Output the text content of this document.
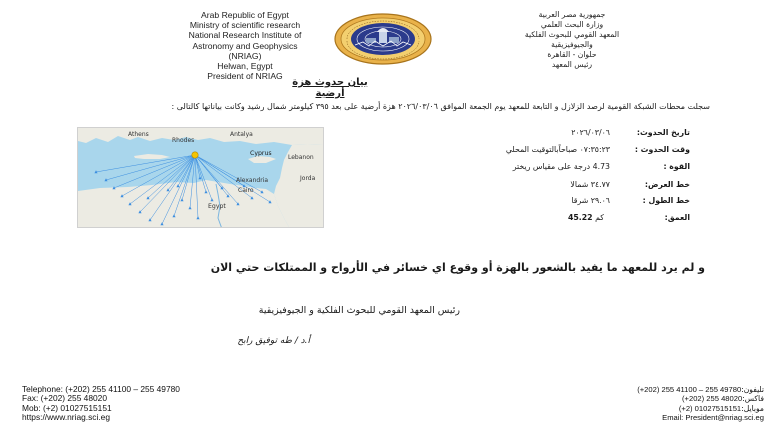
Arab Republic of Egypt
Ministry of scientific research
National Research Institute of
Astronomy and Geophysics
(NRIAG)
Helwan, Egypt
President of NRIAG
جمهورية مصر العربية
وزارة البحث العلمي
المعهد القومي للبحوث الفلكية
والجيوفيزيقية
حلوان - القاهرة
رئيس المعهد
بيان حدوث هزة أرضية
سجلت محطات الشبكة القومية لرصد الزلازل و التابعة للمعهد يوم الجمعة الموافق ٢٠٢٦/٠٣/٠٦ هزة أرضية على بعد ٣٩٥ كيلومتر شمال رشيد وكانت بياناتها كالتالى :
Athens
Rhodes
Antalya
Cyprus
Lebanon
Alexandria
Cairo
Jorda
Egypt
تاريخ الحدوث:
٢٠٢٦/٠٣/٠٦
وقت الحدوث :
٠٧:٣٥:٢٣ صباحاًبالتوقيت المحلي
القوة :
4.73 درجة على مقياس ريختر
خط العرض:
٣٤.٧٧ شمالا
خط الطول :
٢٩.٠٦ شرقا
العمق:
كم 45.22
و لم يرد للمعهد ما يفيد بالشعور بالهزة أو وقوع اي خسائر في الأرواح و الممتلكات حتي الان
رئيس المعهد القومي للبحوث الفلكية و الجيوفيزيقية
أ.د / طه توفيق رابح
Telephone: (+202) 255 41100 – 255 49780
Fax: (+202) 255 48020
Mob: (+2) 01027515151
https://www.nriag.sci.eg
تليفون:(+202) 255 41100 – 255 49780
فاكس:(+202) 255 48020
موبايل:(+2) 01027515151
Email: President@nriag.sci.eg
